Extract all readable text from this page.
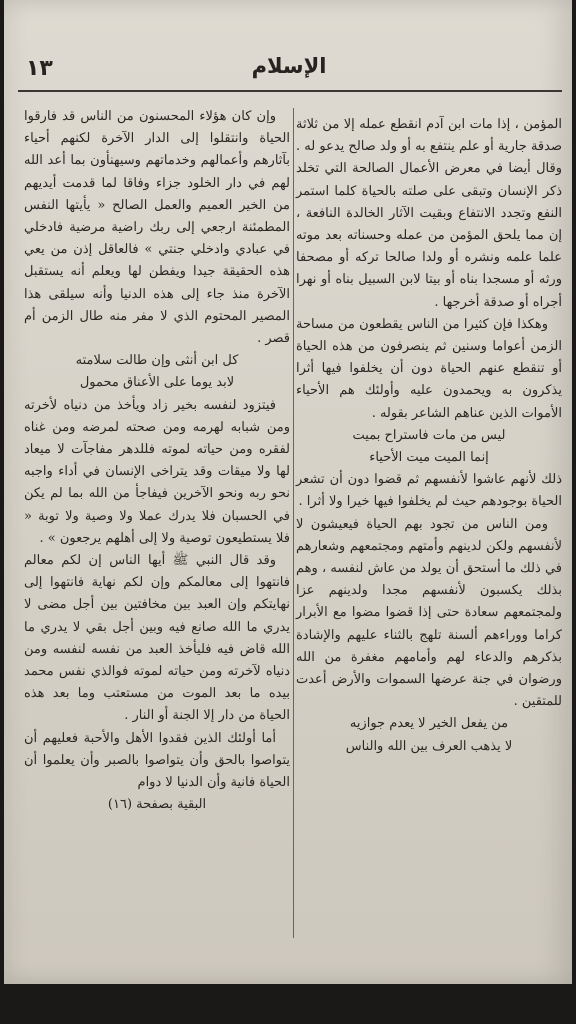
١٣	الإسلام

المؤمن ، إذا مات ابن آدم انقطع عمله إلا من ثلاثة صدقة جارية أو علم ينتفع به أو ولد صالح يدعو له . وقال أيضا في معرض الأعمال الصالحة التي تخلد ذكر الإنسان وتبقى على صلته بالحياة كلما استمر النفع وتجدد الانتفاع وبقيت الآثار الخالدة النافعة ، إن مما يلحق المؤمن من عمله وحسناته بعد موته علما علمه ونشره أو ولدا صالحا تركه أو مصحفا ورثه أو مسجدا بناه أو بيتا لابن السبيل بناه أو نهرا أجراه أو صدقة أخرجها .

وهكذا فإن كثيرا من الناس يقطعون من مساحة الزمن أعواما وسنين ثم ينصرفون من هذه الحياة أو تنقطع عنهم الحياة دون أن يخلفوا فيها أثرا يذكرون به ويحمدون عليه وأولئك هم الأحياء الأموات الذين عناهم الشاعر بقوله .

ليس من مات فاستراح بميت

إنما الميت ميت الأحياء

ذلك لأنهم عاشوا لأنفسهم ثم قضوا دون أن تشعر الحياة بوجودهم حيث لم يخلفوا فيها خيرا ولا أثرا .

ومن الناس من تجود بهم الحياة فيعيشون لا لأنفسهم ولكن لدينهم وأمتهم ومجتمعهم وشعارهم في ذلك ما أستحق أن يولد من عاش لنفسه ، وهم بذلك يكسبون لأنفسهم مجدا ولدينهم عزا ولمجتمعهم سعادة حتى إذا قضوا مضوا مع الأبرار كراما ووراءهم ألسنة تلهج بالثناء عليهم والإشادة بذكرهم والدعاء لهم وأمامهم مغفرة من الله ورضوان في جنة عرضها السموات والأرض أعدت للمتقين .

من يفعل الخير لا يعدم جوازيه

لا يذهب العرف بين الله والناس

وإن كان هؤلاء المحسنون من الناس قد فارقوا الحياة وانتقلوا إلى الدار الآخرة لكنهم أحياء بآثارهم وأعمالهم وخدماتهم وسيهنأون بما أعد الله لهم في دار الخلود جزاء وفاقا لما قدمت أيديهم من الخير العميم والعمل الصالح « يأيتها النفس المطمئنة ارجعي إلى ربك راضية مرضية فادخلي في عبادي وادخلي جنتي » فالعاقل إذن من يعي هذه الحقيقة جيدا ويفطن لها ويعلم أنه يستقبل الآخرة منذ جاء إلى هذه الدنيا وأنه سيلقى هذا المصير المحتوم الذي لا مفر منه طال الزمن أم قصر .

كل ابن أنثى وإن طالت سلامته

لابد يوما على الأعناق محمول

فيتزود لنفسه بخير زاد ويأخذ من دنياه لأخرته ومن شبابه لهرمه ومن صحته لمرضه ومن غناه لفقره ومن حياته لموته فللدهر مفاجآت لا ميعاد لها ولا ميقات وقد يتراخى الإنسان في أداء واجبه نحو ربه ونحو الآخرين فيفاجأ من الله بما لم يكن في الحسبان فلا يدرك عملا ولا وصية ولا توبة « فلا يستطيعون توصية ولا إلى أهلهم يرجعون » .

وقد قال النبي ﷺ أيها الناس إن لكم معالم فانتهوا إلى معالمكم وإن لكم نهاية فانتهوا إلى نهايتكم وإن العبد بين مخافتين بين أجل مضى لا يدري ما الله صانع فيه وبين أجل بقي لا يدري ما الله قاض فيه فليأخذ العبد من نفسه لنفسه ومن دنياه لآخرته ومن حياته لموته فوالذي نفس محمد بيده ما بعد الموت من مستعتب وما بعد هذه الحياة من دار إلا الجنة أو النار .

أما أولئك الذين فقدوا الأهل والأحبة فعليهم أن يتواصوا بالحق وأن يتواصوا بالصبر وأن يعلموا أن الحياة فانية وأن الدنيا لا دوام

البقية بصفحة (١٦)
